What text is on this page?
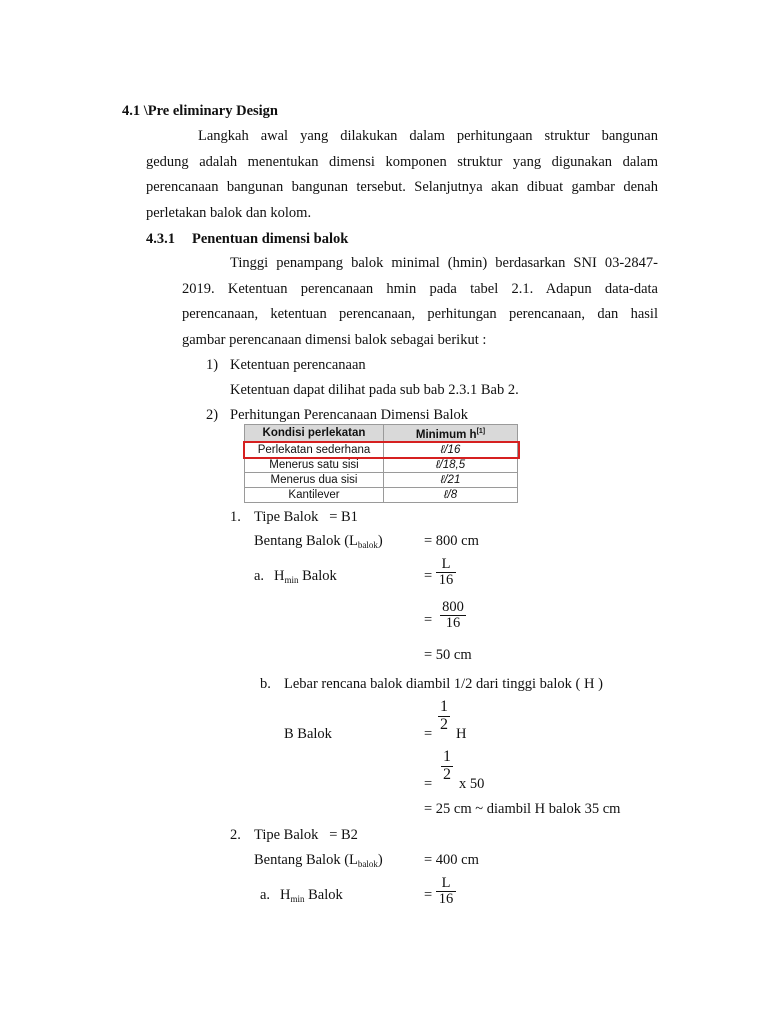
4.1 \Pre eliminary Design
Langkah awal yang dilakukan dalam perhitungaan struktur bangunan
gedung adalah menentukan dimensi komponen struktur yang digunakan dalam
perencanaan bangunan bangunan tersebut. Selanjutnya akan dibuat gambar denah
perletakan balok dan kolom.
4.3.1 Penentuan dimensi balok
Tinggi penampang balok minimal (hmin) berdasarkan SNI 03-2847-
2019. Ketentuan perencanaan hmin pada tabel 2.1. Adapun data-data
perencanaan, ketentuan perencanaan, perhitungan perencanaan, dan hasil
gambar perencanaan dimensi balok sebagai berikut :
1) Ketentuan perencanaan
Ketentuan dapat dilihat pada sub bab 2.3.1 Bab 2.
2) Perhitungan Perencanaan Dimensi Balok
Kondisi perlekatan	Minimum h[1]
Perlekatan sederhana	ℓ/16
Menerus satu sisi	ℓ/18,5
Menerus dua sisi	ℓ/21
Kantilever	ℓ/8
1. Tipe Balok   = B1
Bentang Balok $(L_{balok})$	= 800 cm
a. $H_{min}$ Balok	=
L
16
=
800
16
= 50 cm
b. Lebar rencana balok diambil 1/2 dari tinggi balok ( H )
B Balok	=
1
2
H
=
1
2
x 50
= 25 cm ~ diambil H balok 35 cm
2. Tipe Balok   = B2
Bentang Balok $(L_{balok})$	= 400 cm
a. $H_{min}$ Balok	=
L
16
